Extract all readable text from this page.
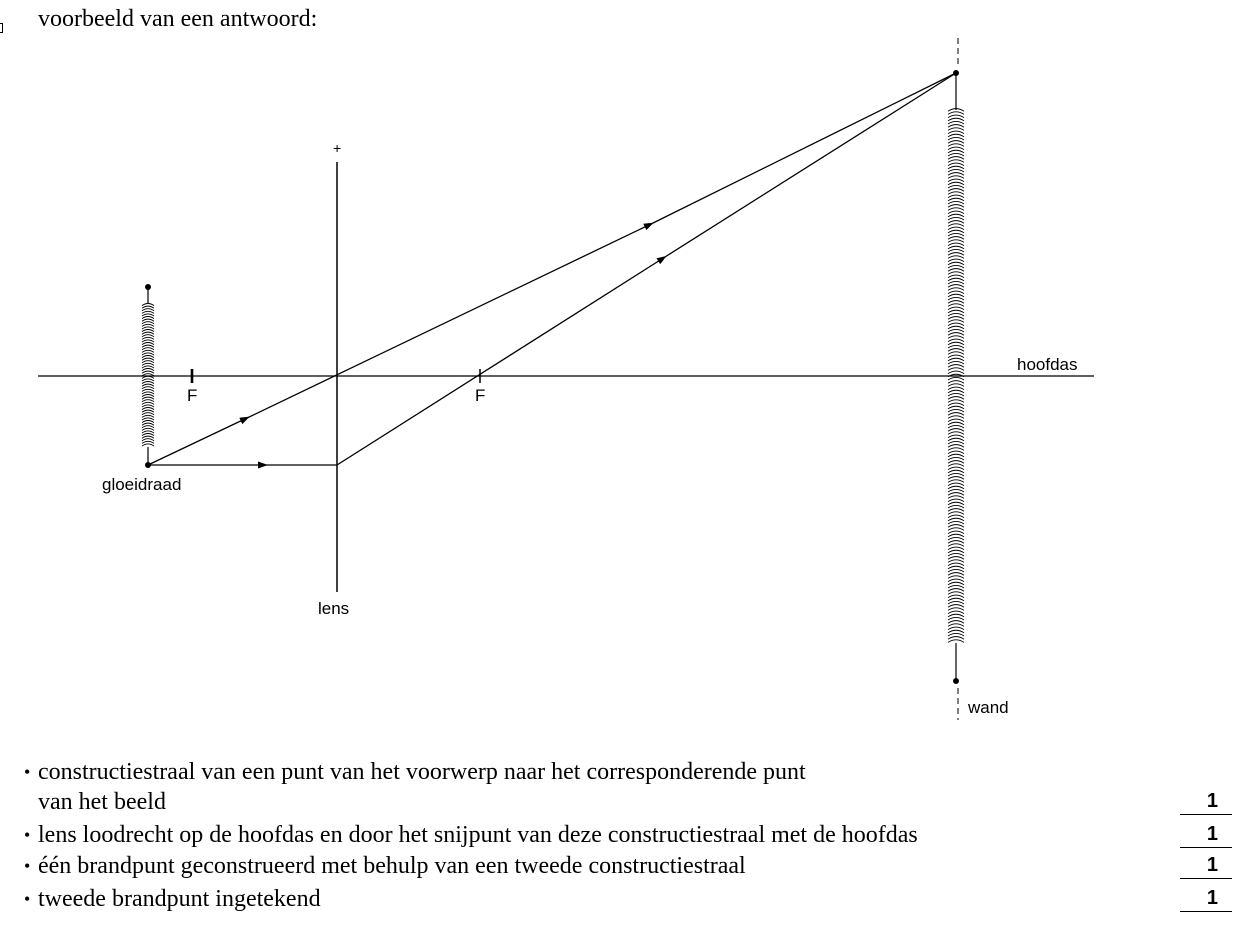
voorbeeld van een antwoord:
+
lens
hoofdas
F	F
gloeidraad
wand
• constructiestraal van een punt van het voorwerp naar het corresponderende punt
van het beeld	1
• lens loodrecht op de hoofdas en door het snijpunt van deze constructiestraal met de hoofdas	1
• één brandpunt geconstrueerd met behulp van een tweede constructiestraal	1
• tweede brandpunt ingetekend	1
